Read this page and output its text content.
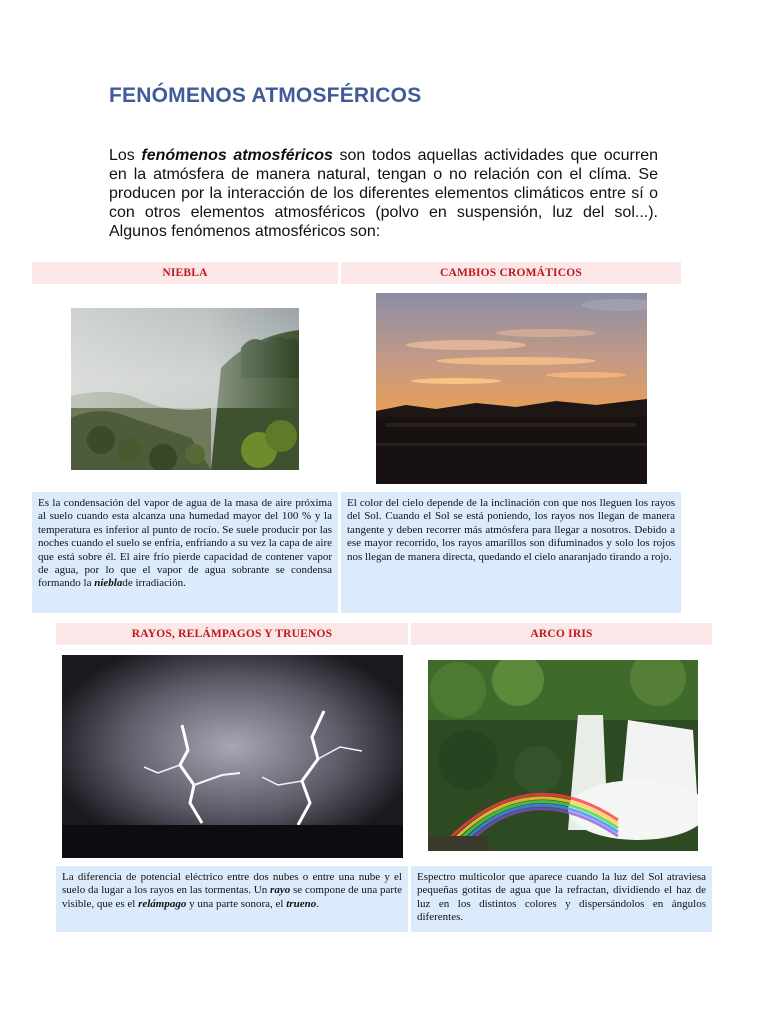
FENÓMENOS ATMOSFÉRICOS

Los fenómenos atmosféricos son todos aquellas actividades que ocurren en la atmósfera de manera natural, tengan o no relación con el clíma. Se producen por la interacción de los diferentes elementos climáticos entre sí o con otros elementos atmosféricos (polvo en suspensión, luz del sol...). Algunos fenómenos atmosféricos son:

NIEBLA
Es la condensación del vapor de agua de la masa de aire próxima al suelo cuando esta alcanza una humedad mayor del 100 % y la temperatura es inferior al punto de rocío. Se suele producir por las noches cuando el suelo se enfría, enfriando a su vez la capa de aire que está sobre él. El aire frío pierde capacidad de contener vapor de agua, por lo que el vapor de agua sobrante se condensa formando la nieblade irradiación.
CAMBIOS CROMÁTICOS
El color del cielo depende de la inclinación con que nos lleguen los rayos del Sol. Cuando el Sol se está poniendo, los rayos nos llegan de manera tangente y deben recorrer más atmósfera para llegar a nosotros. Debido a ese mayor recorrido, los rayos amarillos son difuminados y solo los rojos nos llegan de manera directa, quedando el cielo anaranjado tirando a rojo.
RAYOS, RELÁMPAGOS Y TRUENOS
La diferencia de potencial eléctrico entre dos nubes o entre una nube y el suelo da lugar a los rayos en las tormentas. Un rayo se compone de una parte visible, que es el relámpago y una parte sonora, el trueno.
ARCO IRIS
Espectro multicolor que aparece cuando la luz del Sol atraviesa pequeñas gotitas de agua que la refractan, dividiendo el haz de luz en los distintos colores y dispersándolos en ángulos diferentes.
